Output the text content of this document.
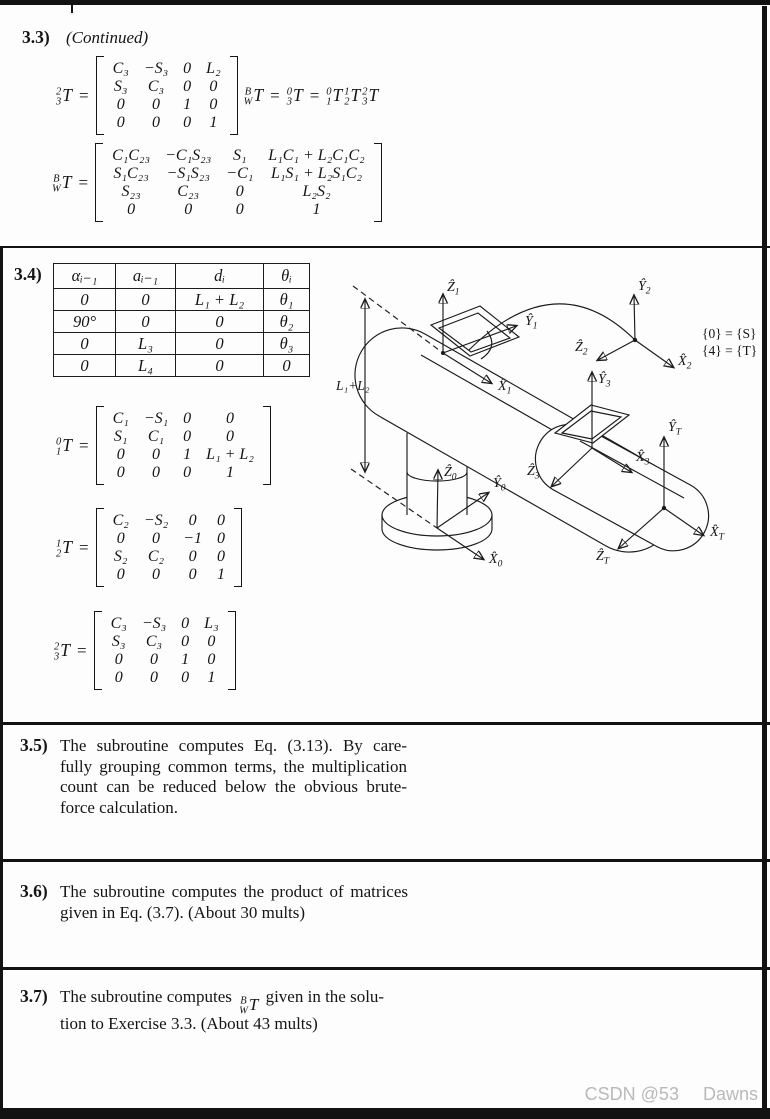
3.3) (Continued)
2
3 T =
C₃ −S₃ 0 L₂
S₃ C₃ 0 0
0 0 1 0
0 0 0 1
B
W T = 0
3 T = 0
1 T 1
2 T 2
3 T
B
W T =
C₁C₂₃ −C₁S₂₃ S₁ L₁C₁ + L₂C₁C₂
S₁C₂₃ −S₁S₂₃ −C₁ L₁S₁ + L₂S₁C₂
S₂₃ C₂₃ 0	L₂S₂
0	0	0	1
3.4) αᵢ₋₁	aᵢ₋₁	dᵢ	θᵢ
0	0	L₁ + L₂	θ₁
90°	0	0	θ₂
0	L₃	0	θ₃
0	L₄	0	0
0
1 T =
C₁ −S₁ 0 0
S₁ C₁ 0 0
0 0 1 L₁ + L₂
0 0 0 1
1
2 T =
C₂ −S₂ 0 0
0 0 −1 0
S₂ C₂ 0 0
0 0 0 1
2
3 T =
C₃ −S₃ 0 L₃
S₃ C₃ 0 0
0 0 1 0
0 0 0 1
Ẑ$_1$
$Ŷ_1$
$X̂_1$
$Ŷ_2$
Ẑ$_2$
$X̂_2$
$Ŷ_3$
$X̂_3$
Ẑ$_3$
Ẑ$_0$	$Ŷ_0$
$X̂_0$
$Ŷ_T$
$X̂_T$
Ẑ$_T$
L₁+L₂
{0} = {S}
{4} = {T}
3.5) The subroutine computes Eq. (3.13). By care-
fully grouping common terms, the multiplication
count can be reduced below the obvious brute-
force calculation.
3.6) The subroutine computes the product of matrices
given in Eq. (3.7). (About 30 mults)
3.7) The subroutine computes B
W T given in the solu-
tion to Exercise 3.3. (About 43 mults)
CSDN @53 Dawns
